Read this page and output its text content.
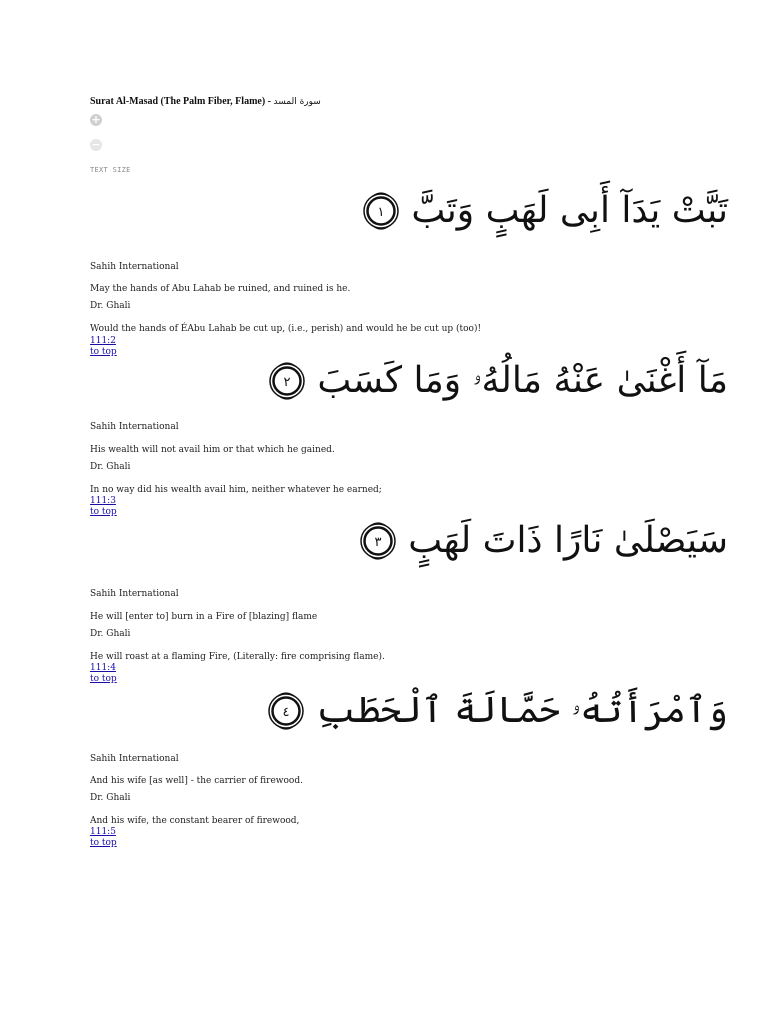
Surat Al-Masad (The Palm Fiber, Flame) - سورة المسد
+
−
TEXT SIZE
تَبَّتْ يَدَآ أَبِى لَهَبٍ وَتَبَّ
١
Sahih International
May the hands of Abu Lahab be ruined, and ruined is he.
Dr. Ghali
Would the hands of ÉAbu Lahab be cut up, (i.e., perish) and would he be cut up (too)!
111:2
to top
مَآ أَغْنَىٰ عَنْهُ مَالُهُۥ وَمَا كَسَبَ
٢
Sahih International
His wealth will not avail him or that which he gained.
Dr. Ghali
In no way did his wealth avail him, neither whatever he earned;
111:3
to top
سَيَصْلَىٰ نَارًا ذَاتَ لَهَبٍ
٣
Sahih International
He will [enter to] burn in a Fire of [blazing] flame
Dr. Ghali
He will roast at a flaming Fire, (Literally: fire comprising flame).
111:4
to top
وَٱمْرَأَتُهُۥ حَمَّالَةَ ٱلْحَطَبِ
٤
Sahih International
And his wife [as well] - the carrier of firewood.
Dr. Ghali
And his wife, the constant bearer of firewood,
111:5
to top
